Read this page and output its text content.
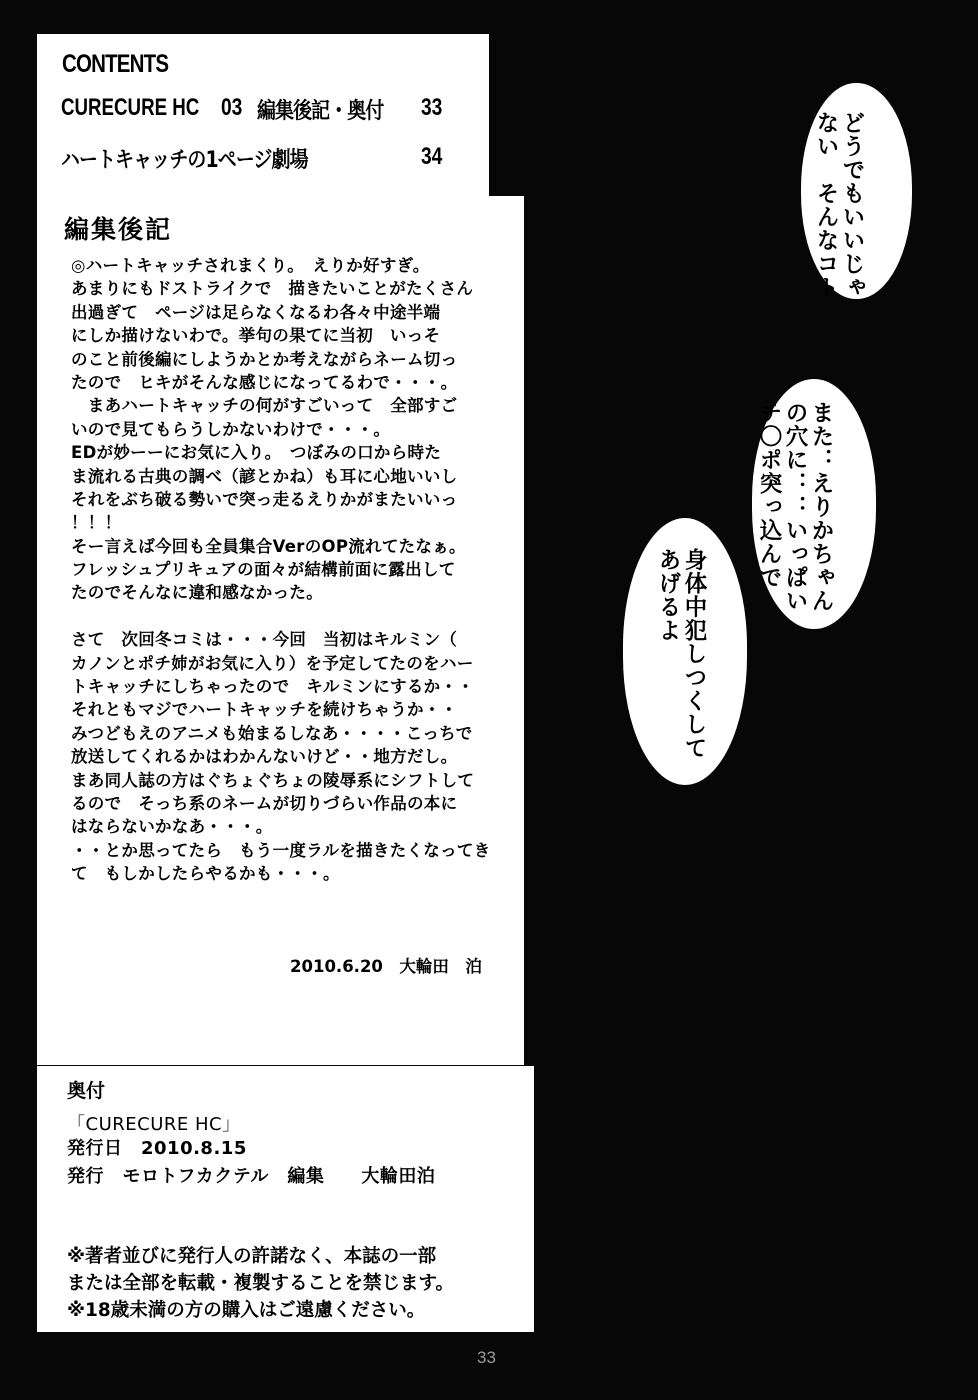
CONTENTS
CURECURE HC 03 編集後記・奥付 33
ハートキャッチの1ページ劇場	34
編集後記
◎ハートキャッチされまくり。　えりか好すぎ。
あまりにもドストライクで　描きたいことがたくさん
出過ぎて　ページは足らなくなるわ各々中途半端
にしか描けないわで。挙句の果てに当初　いっそ
のこと前後編にしようかとか考えながらネーム切っ
たので　ヒキがそんな感じになってるわで・・・。
　まあハートキャッチの何がすごいって　全部すご
いので見てもらうしかないわけで・・・。
EDが妙ーーにお気に入り。　つぼみの口から時た
ま流れる古典の調べ（諺とかね）も耳に心地いいし
それをぶち破る勢いで突っ走るえりかがまたいいっ
！！！
そー言えば今回も全員集合VerのOP流れてたなぁ。
フレッシュプリキュアの面々が結構前面に露出して
たのでそんなに違和感なかった。
さて　次回冬コミは・・・今回　当初はキルミン（
カノンとポチ姉がお気に入り）を予定してたのをハー
トキャッチにしちゃったので　キルミンにするか・・
それともマジでハートキャッチを続けちゃうか・・
みつどもえのアニメも始まるしなあ・・・・こっちで
放送してくれるかはわかんないけど・・地方だし。
まあ同人誌の方はぐちょぐちょの陵辱系にシフトして
るので　そっち系のネームが切りづらい作品の本に
はならないかなあ・・・。
・・とか思ってたら　もう一度ラルを描きたくなってき
て　もしかしたらやるかも・・・。
2010.6.20　大輪田　泊
奥付
「CURECURE HC」
発行日　2010.8.15
発行　モロトフカクテル　編集　　大輪田泊
※著者並びに発行人の許諾なく、本誌の一部
または全部を転載・複製することを禁じます。
※18歳未満の方の購入はご遠慮ください。
どうでもいいじゃ
ない　そんなコト
また：えりかちゃん
の穴に：：いっぱい
チ〇ポ突っ込んで
身体中犯しつくして
あげるよ
33
